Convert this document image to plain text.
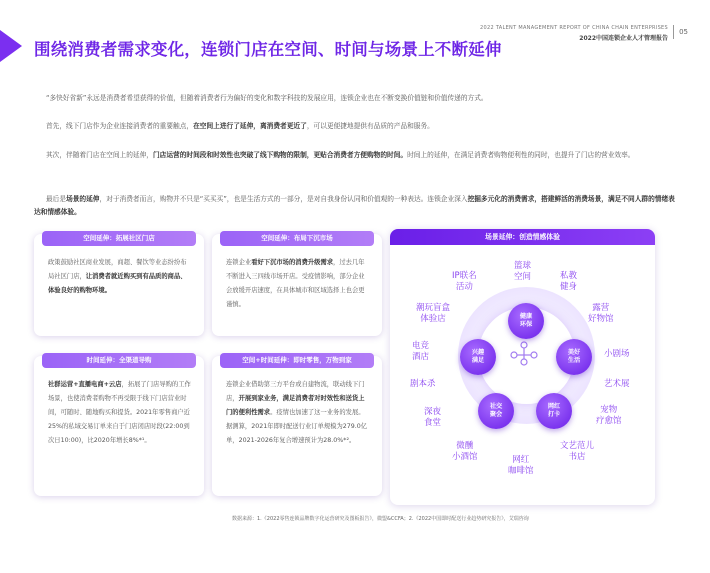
围绕消费者需求变化，连锁门店在空间、时间与场景上不断延伸
2022 TALENT MANAGEMENT REPORT OF CHINA CHAIN ENTERPRISES
2022中国连锁企业人才管理报告
05
“多快好省新”永远是消费者希望获得的价值，但随着消费者行为偏好的变化和数字科技的发展应用，连锁企业也在不断变换价值链和价值传递的方式。
首先，线下门店作为企业连接消费者的重要触点，在空间上进行了延伸，离消费者更近了，可以更便捷地提供有品质的产品和服务。
其次，伴随着门店在空间上的延伸，门店运营的时间段和时效性也突破了线下购物的限制，更贴合消费者方便购物的时间。时间上的延伸，在满足消费者购物便利性的同时，也提升了门店的营业效率。
最后是场景的延伸，对于消费者而言，购物并不只是“买买买”，也是生活方式的一部分，是对自我身份认同和价值观的一种表达。连锁企业深入挖掘多元化的消费需求，搭建鲜活的消费场景，满足不同人群的情绪表达和情感体验。
空间延伸：拓展社区门店
政策鼓励社区商业发展，商超、餐饮等业态纷纷布局社区门店，让消费者就近购买到有品质的商品、体验良好的购物环境。
空间延伸：布局下沉市场
连锁企业看好下沉市场的消费升级需求，过去几年不断进入三四线市场开店。受疫情影响，部分企业会放缓开店速度，在具体城市和区域选择上也会更谨慎。
时间延伸：全渠道导购
社群运营+直播电商+云店，拓展了门店导购的工作场景，也使消费者购物不再受限于线下门店营业时间，可随时、随地购买和提货。2021年零售商户近25%的私域交易订单来自于门店闭店时段(22:00到次日10:00)，比2020年增长8%*¹。
空间+时间延伸：即时零售，万物到家
连锁企业借助第三方平台或自建物流，联动线下门店，开展到家业务，满足消费者对时效性和送货上门的便利性需求。疫情也加速了这一业务的发展。据测算，2021年即时配送行业订单规模为279.0亿单，2021-2026年复合增速预计为28.0%*²。
场景延伸：创造情感体验
健康
环保
美好
生活
网红
打卡
社交
聚会
兴趣
满足
IP联名
活动
篮球
空间	私教
健身
潮玩盲盒
体验店
露营
好物馆
电竞
酒店	小剧场
剧本杀	艺术展
深夜
食堂
宠物
疗愈馆
微醺
小酒馆	网红
咖啡馆
文艺范儿
书店
数据来源：1.《2022零售连锁品牌数字化运营研究及图板报告》，微盟&CCFA；2.《2022中国即时配送行业趋势研究报告》，艾瑞咨询
